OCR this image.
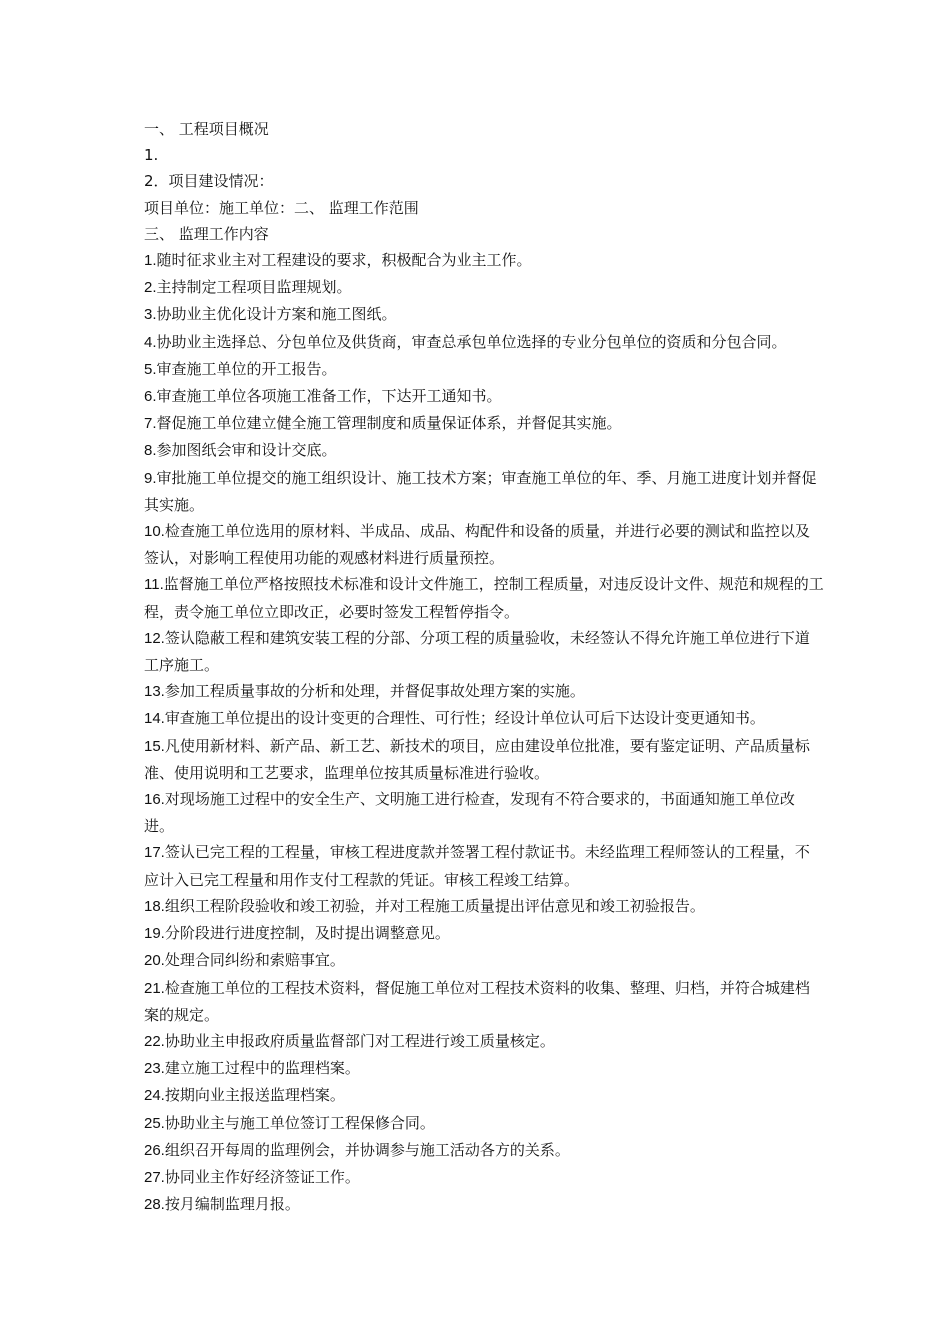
一、 工程项目概况
1.
2．项目建设情况：
项目单位：施工单位：二、 监理工作范围
三、 监理工作内容
1.随时征求业主对工程建设的要求，积极配合为业主工作。
2.主持制定工程项目监理规划。
3.协助业主优化设计方案和施工图纸。
4.协助业主选择总、分包单位及供货商，审查总承包单位选择的专业分包单位的资质和分包合同。
5.审查施工单位的开工报告。
6.审查施工单位各项施工准备工作，下达开工通知书。
7.督促施工单位建立健全施工管理制度和质量保证体系，并督促其实施。
8.参加图纸会审和设计交底。
9.审批施工单位提交的施工组织设计、施工技术方案；审查施工单位的年、季、月施工进度计划并督促其实施。
10.检查施工单位选用的原材料、半成品、成品、构配件和设备的质量，并进行必要的测试和监控以及签认，对影响工程使用功能的观感材料进行质量预控。
11.监督施工单位严格按照技术标准和设计文件施工，控制工程质量，对违反设计文件、规范和规程的工程，责令施工单位立即改正，必要时签发工程暂停指令。
12.签认隐蔽工程和建筑安装工程的分部、分项工程的质量验收，未经签认不得允许施工单位进行下道工序施工。
13.参加工程质量事故的分析和处理，并督促事故处理方案的实施。
14.审查施工单位提出的设计变更的合理性、可行性；经设计单位认可后下达设计变更通知书。
15.凡使用新材料、新产品、新工艺、新技术的项目，应由建设单位批准，要有鉴定证明、产品质量标准、使用说明和工艺要求，监理单位按其质量标准进行验收。
16.对现场施工过程中的安全生产、文明施工进行检查，发现有不符合要求的，书面通知施工单位改进。
17.签认已完工程的工程量，审核工程进度款并签署工程付款证书。未经监理工程师签认的工程量，不应计入已完工程量和用作支付工程款的凭证。审核工程竣工结算。
18.组织工程阶段验收和竣工初验，并对工程施工质量提出评估意见和竣工初验报告。
19.分阶段进行进度控制，及时提出调整意见。
20.处理合同纠纷和索赔事宜。
21.检查施工单位的工程技术资料，督促施工单位对工程技术资料的收集、整理、归档，并符合城建档案的规定。
22.协助业主申报政府质量监督部门对工程进行竣工质量核定。
23.建立施工过程中的监理档案。
24.按期向业主报送监理档案。
25.协助业主与施工单位签订工程保修合同。
26.组织召开每周的监理例会，并协调参与施工活动各方的关系。
27.协同业主作好经济签证工作。
28.按月编制监理月报。
